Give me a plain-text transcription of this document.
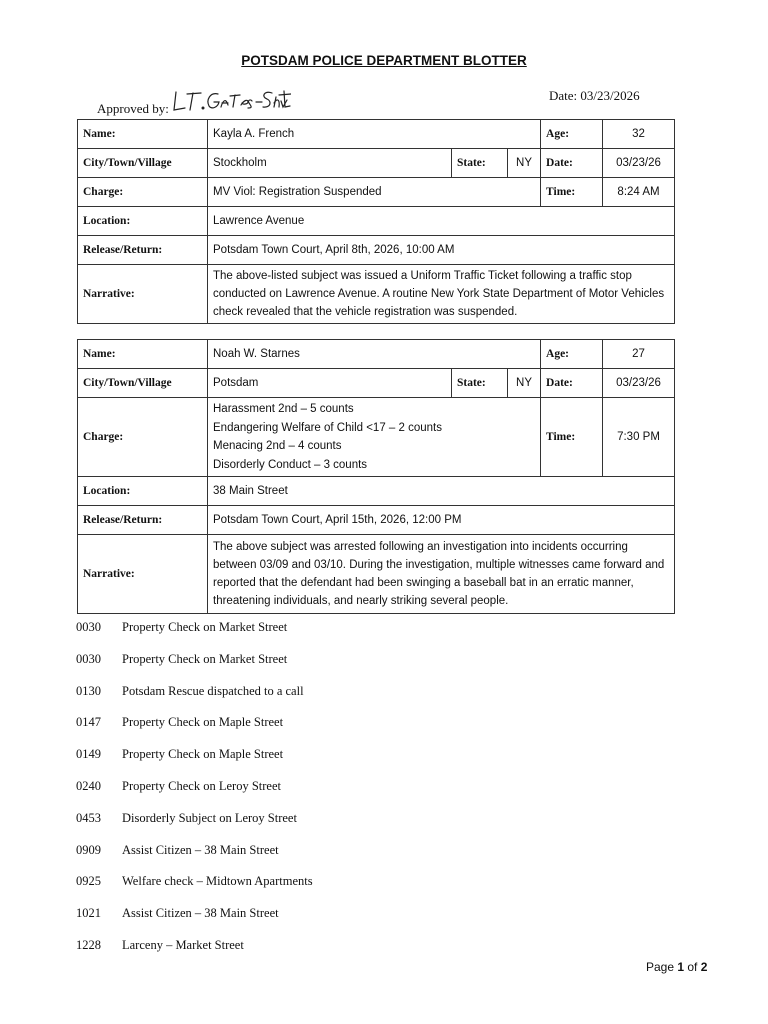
POTSDAM POLICE DEPARTMENT BLOTTER
Approved by:
Date: 03/23/2026
Name:	Kayla A. French			Age:	32
City/Town/Village	Stockholm	State:	NY	Date:	03/23/26
Charge:	MV Viol: Registration Suspended			Time:	8:24 AM
Location:	Lawrence Avenue				
Release/Return:	Potsdam Town Court, April 8th, 2026, 10:00 AM				
Narrative:	The above-listed subject was issued a Uniform Traffic Ticket following a traffic stop conducted on Lawrence Avenue. A routine New York State Department of Motor Vehicles check revealed that the vehicle registration was suspended.				
Name:	Noah W. Starnes			Age:	27
City/Town/Village	Potsdam	State:	NY	Date:	03/23/26
Charge:	Harassment 2nd – 5 counts
Endangering Welfare of Child <17 – 2 counts
Menacing 2nd – 4 counts
Disorderly Conduct – 3 counts			Time:	7:30 PM
Location:	38 Main Street				
Release/Return:	Potsdam Town Court, April 15th, 2026, 12:00 PM				
Narrative:	The above subject was arrested following an investigation into incidents occurring between 03/09 and 03/10. During the investigation, multiple witnesses came forward and reported that the defendant had been swinging a baseball bat in an erratic manner, threatening individuals, and nearly striking several people.				
0030	Property Check on Market Street
0030	Property Check on Market Street
0130	Potsdam Rescue dispatched to a call
0147	Property Check on Maple Street
0149	Property Check on Maple Street
0240	Property Check on Leroy Street
0453	Disorderly Subject on Leroy Street
0909	Assist Citizen – 38 Main Street
0925	Welfare check – Midtown Apartments
1021	Assist Citizen – 38 Main Street
1228	Larceny – Market Street
Page 1 of 2
